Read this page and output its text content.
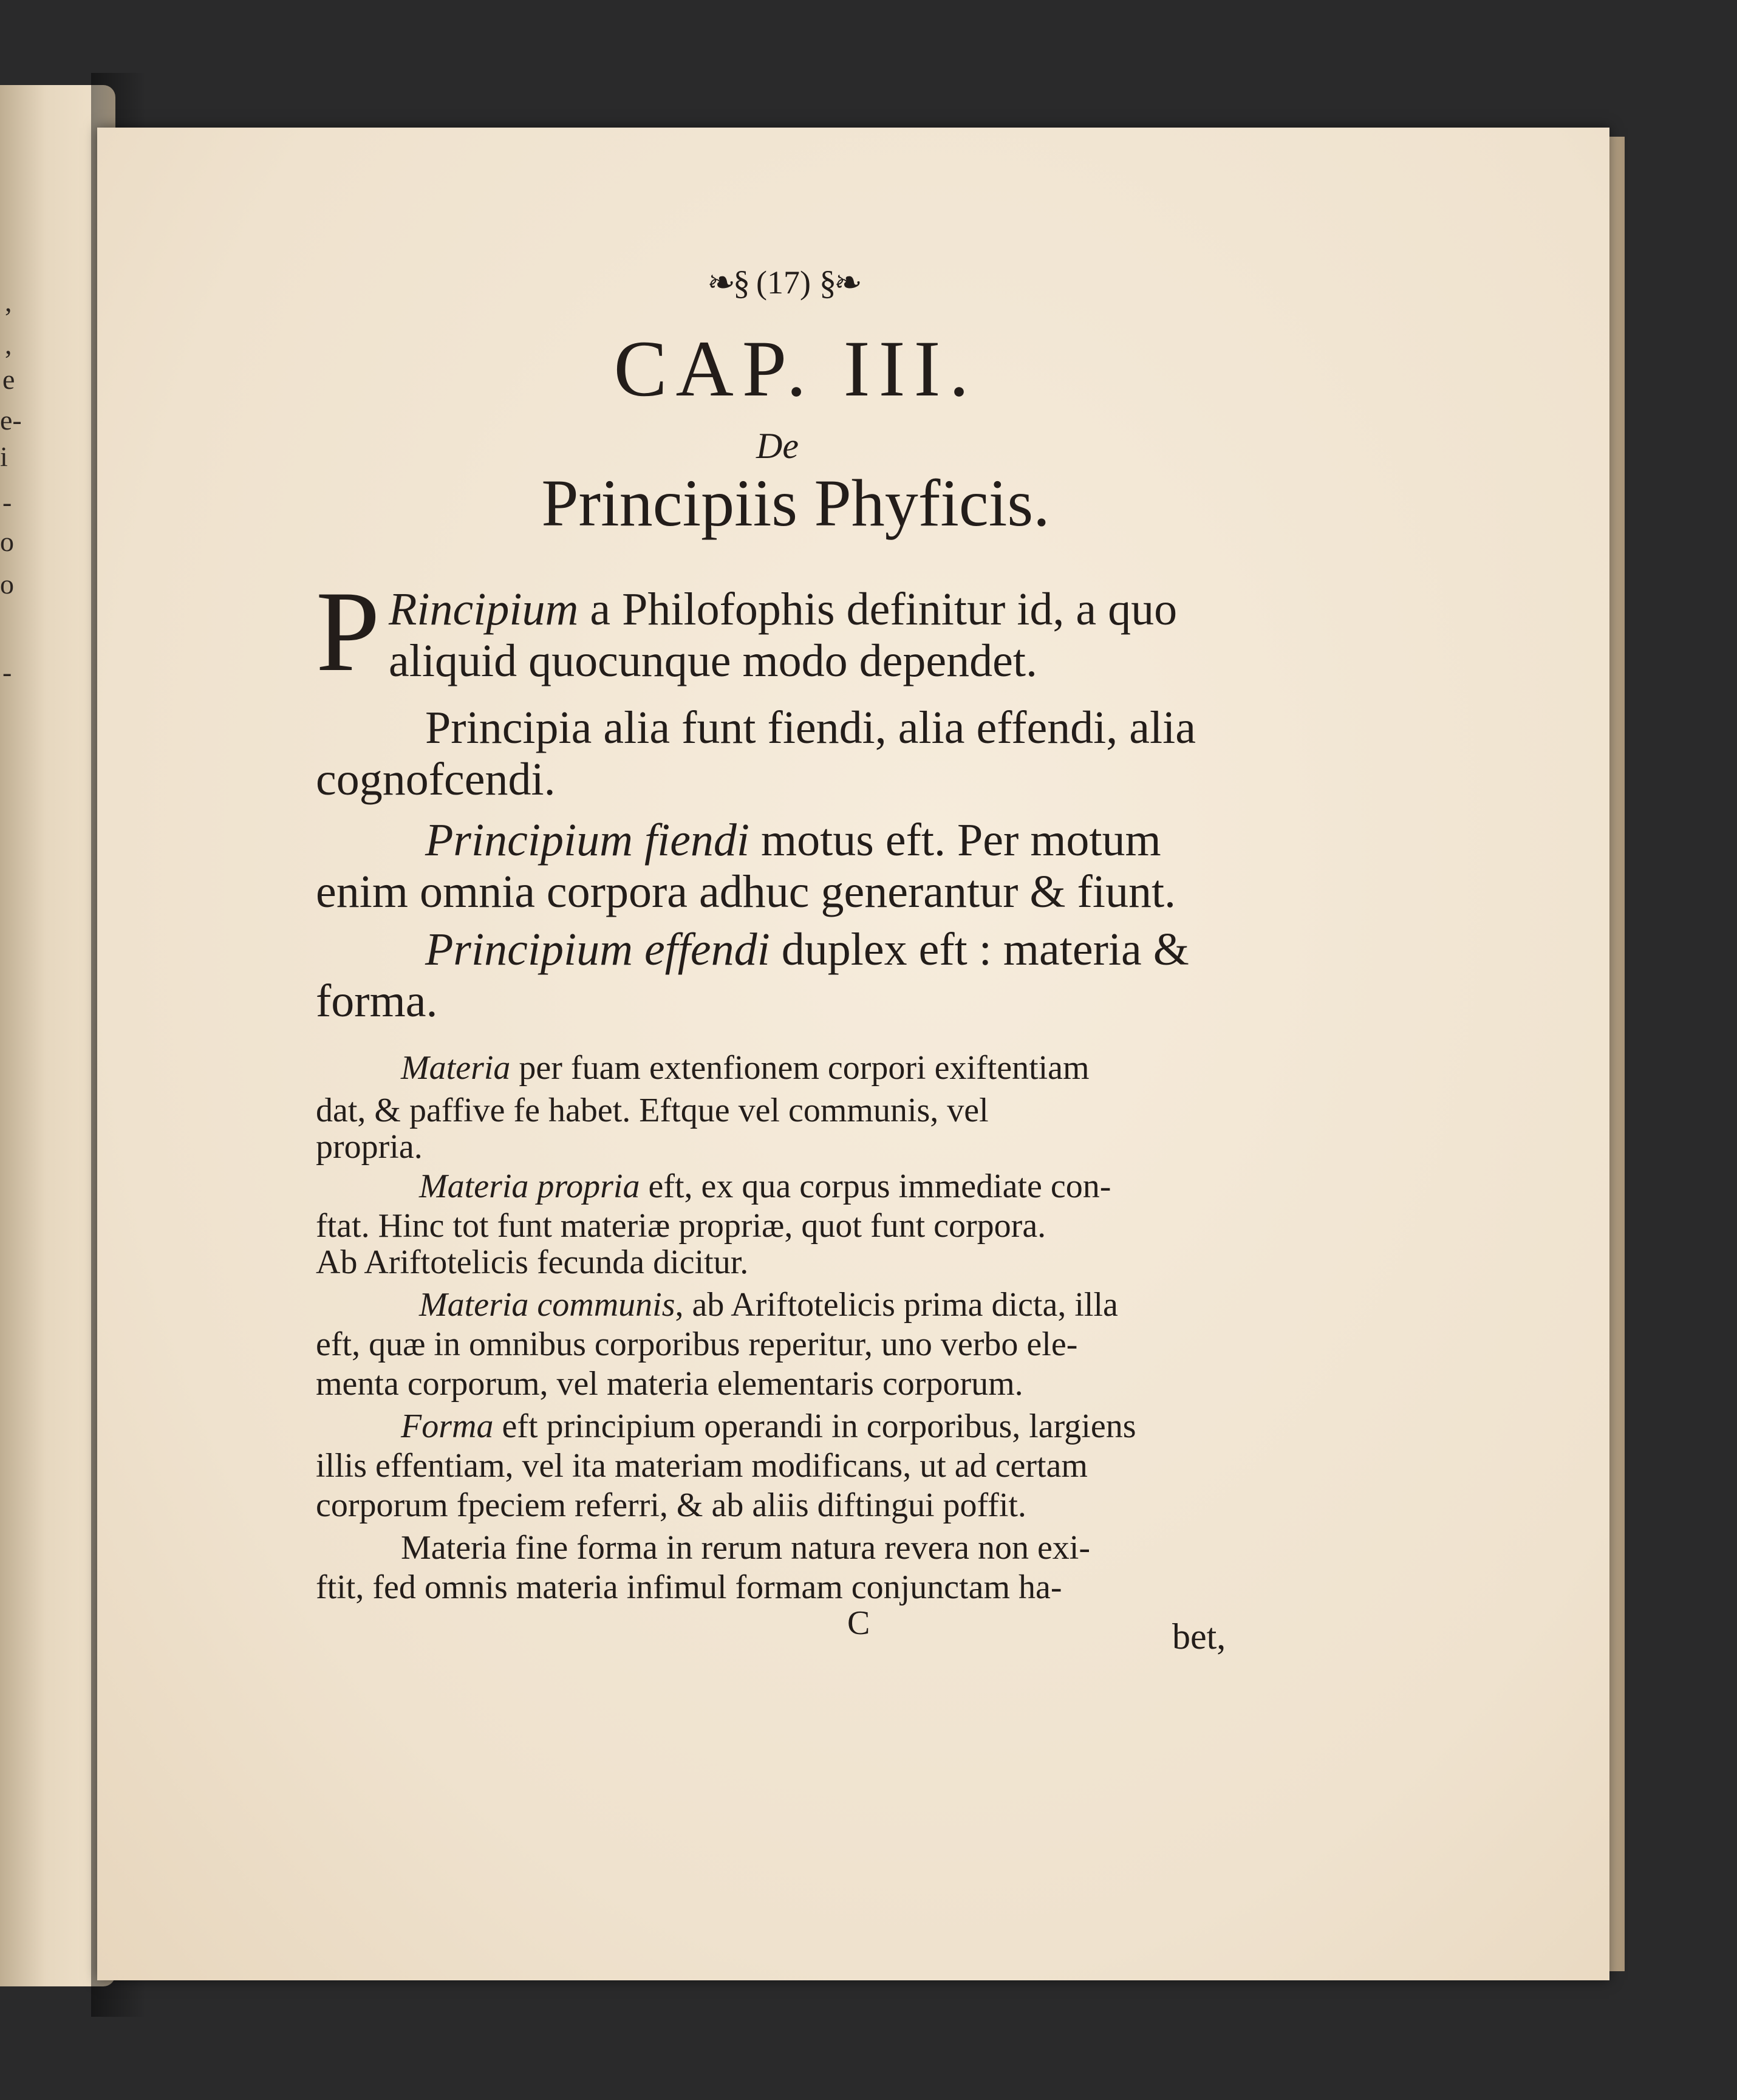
,
,
e
e-
i
-
o
o
-
❧§ (17) §❧
CAP. III.
De
Principiis Phyficis.
P Rincipium a Philofophis definitur id, a quo
aliquid quocunque modo dependet.
Principia alia funt fiendi, alia effendi, alia
cognofcendi.
Principium fiendi motus eft. Per motum
enim omnia corpora adhuc generantur & fiunt.
Principium effendi duplex eft : materia &
forma.
Materia per fuam extenfionem corpori exiftentiam
dat, & paffive fe habet. Eftque vel communis, vel
propria.
Materia propria eft, ex qua corpus immediate con-
ftat. Hinc tot funt materiæ propriæ, quot funt corpora.
Ab Ariftotelicis fecunda dicitur.
Materia communis, ab Ariftotelicis prima dicta, illa
eft, quæ in omnibus corporibus reperitur, uno verbo ele-
menta corporum, vel materia elementaris corporum.
Forma eft principium operandi in corporibus, largiens
illis effentiam, vel ita materiam modificans, ut ad certam
corporum fpeciem referri, & ab aliis diftingui poffit.
Materia fine forma in rerum natura revera non exi-
ftit, fed omnis materia infimul formam conjunctam ha-
C	bet,
